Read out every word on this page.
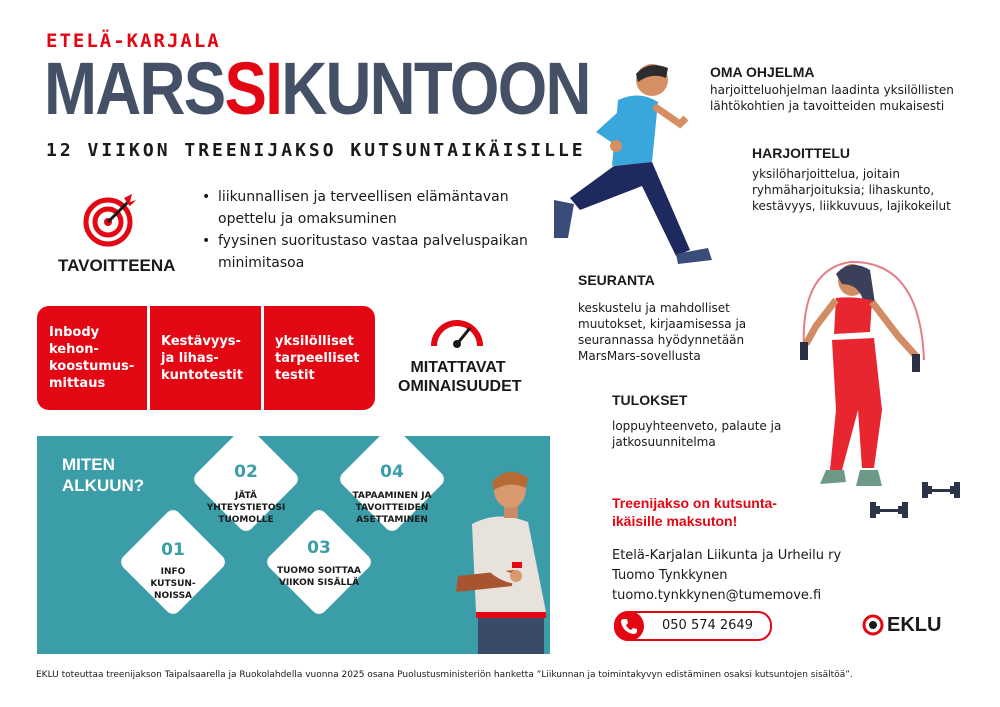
ETELÄ-KARJALA
MARSSIKUNTOON
12 VIIKON TREENIJAKSO KUTSUNTAIKÄISILLE
TAVOITTEENA
• liikunnallisen ja terveellisen elämäntavan opettelu ja omaksuminen
• fyysinen suoritustaso vastaa palveluspaikan minimitasoa
Inbody kehon-koostumus-mittaus
Kestävyys- ja lihas-kuntotestit
yksilölliset tarpeelliset testit	MITATTAVAT OMINAISUUDET
MITEN ALKUUN?
01
INFO KUTSUN-NOISSA
02
JÄTÄ YHTEYSTIETOSI TUOMOLLE
03
TUOMO SOITTAA VIIKON SISÄLLÄ
04
TAPAAMINEN JA TAVOITTEIDEN ASETTAMINEN
OMA OHJELMA
harjoitteluohjelman laadinta yksilöllisten lähtökohtien ja tavoitteiden mukaisesti
HARJOITTELU
yksilöharjoittelua, joitain ryhmäharjoituksia; lihaskunto, kestävyys, liikkuvuus, lajikokeilut
SEURANTA
keskustelu ja mahdolliset muutokset, kirjaamisessa ja seurannassa hyödynnetään MarsMars-sovellusta
TULOKSET
loppuyhteenveto, palaute ja jatkosuunnitelma
Treenijakso on kutsunta-ikäisille maksuton!
Etelä-Karjalan Liikunta ja Urheilu ry
Tuomo Tynkkynen
tuomo.tynkkynen@tumemove.fi
050 574 2649	EKLU
EKLU toteuttaa treenijakson Taipalsaarella ja Ruokolahdella vuonna 2025 osana Puolustusministeriön hanketta ”Liikunnan ja toimintakyvyn edistäminen osaksi kutsuntojen sisältöä”.
